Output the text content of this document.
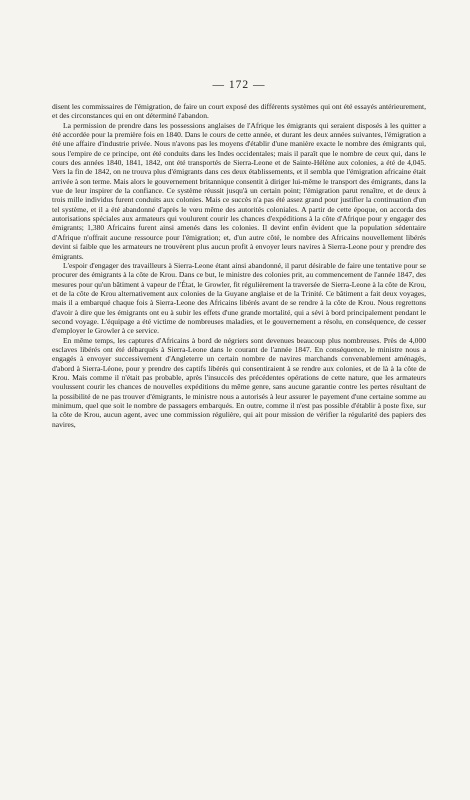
— 172 —

disent les commissaires de l'émigration, de faire un court exposé des différents systèmes qui ont été essayés antérieurement, et des circonstances qui en ont déterminé l'abandon.

La permission de prendre dans les possessions anglaises de l'Afrique les émigrants qui seraient disposés à les quitter a été accordée pour la première fois en 1840. Dans le cours de cette année, et durant les deux années suivantes, l'émigration a été une affaire d'industrie privée. Nous n'avons pas les moyens d'établir d'une manière exacte le nombre des émigrants qui, sous l'empire de ce principe, ont été conduits dans les Indes occidentales; mais il paraît que le nombre de ceux qui, dans le cours des années 1840, 1841, 1842, ont été transportés de Sierra-Leone et de Sainte-Hélène aux colonies, a été de 4,045. Vers la fin de 1842, on ne trouva plus d'émigrants dans ces deux établissements, et il sembla que l'émigration africaine était arrivée à son terme. Mais alors le gouvernement britannique consentit à diriger lui-même le transport des émigrants, dans la vue de leur inspirer de la confiance. Ce système réussit jusqu'à un certain point; l'émigration parut renaître, et de deux à trois mille individus furent conduits aux colonies. Mais ce succès n'a pas été assez grand pour justifier la continuation d'un tel système, et il a été abandonné d'après le vœu même des autorités coloniales. A partir de cette époque, on accorda des autorisations spéciales aux armateurs qui voulurent courir les chances d'expéditions à la côte d'Afrique pour y engager des émigrants; 1,380 Africains furent ainsi amenés dans les colonies. Il devint enfin évident que la population sédentaire d'Afrique n'offrait aucune ressource pour l'émigration; et, d'un autre côté, le nombre des Africains nouvellement libérés devint si faible que les armateurs ne trouvèrent plus aucun profit à envoyer leurs navires à Sierra-Leone pour y prendre des émigrants.

L'espoir d'engager des travailleurs à Sierra-Leone étant ainsi abandonné, il parut désirable de faire une tentative pour se procurer des émigrants à la côte de Krou. Dans ce but, le ministre des colonies prit, au commencement de l'année 1847, des mesures pour qu'un bâtiment à vapeur de l'État, le Growler, fit régulièrement la traversée de Sierra-Leone à la côte de Krou, et de la côte de Krou alternativement aux colonies de la Guyane anglaise et de la Trinité. Ce bâtiment a fait deux voyages, mais il a embarqué chaque fois à Sierra-Leone des Africains libérés avant de se rendre à la côte de Krou. Nous regrettons d'avoir à dire que les émigrants ont eu à subir les effets d'une grande mortalité, qui a sévi à bord principalement pendant le second voyage. L'équipage a été victime de nombreuses maladies, et le gouvernement a résolu, en conséquence, de cesser d'employer le Growler à ce service.

En même temps, les captures d'Africains à bord de négriers sont devenues beaucoup plus nombreuses. Près de 4,000 esclaves libérés ont été débarqués à Sierra-Leone dans le courant de l'année 1847. En conséquence, le ministre nous a engagés à envoyer successivement d'Angleterre un certain nombre de navires marchands convenablement aménagés, d'abord à Sierra-Léone, pour y prendre des captifs libérés qui consentiraient à se rendre aux colonies, et de là à la côte de Krou. Mais comme il n'était pas probable, après l'insuccès des précédentes opérations de cette nature, que les armateurs voulussent courir les chances de nouvelles expéditions du même genre, sans aucune garantie contre les pertes résultant de la possibilité de ne pas trouver d'émigrants, le ministre nous a autorisés à leur assurer le payement d'une certaine somme au minimum, quel que soit le nombre de passagers embarqués. En outre, comme il n'est pas possible d'établir à poste fixe, sur la côte de Krou, aucun agent, avec une commission régulière, qui ait pour mission de vérifier la régularité des papiers des navires,
